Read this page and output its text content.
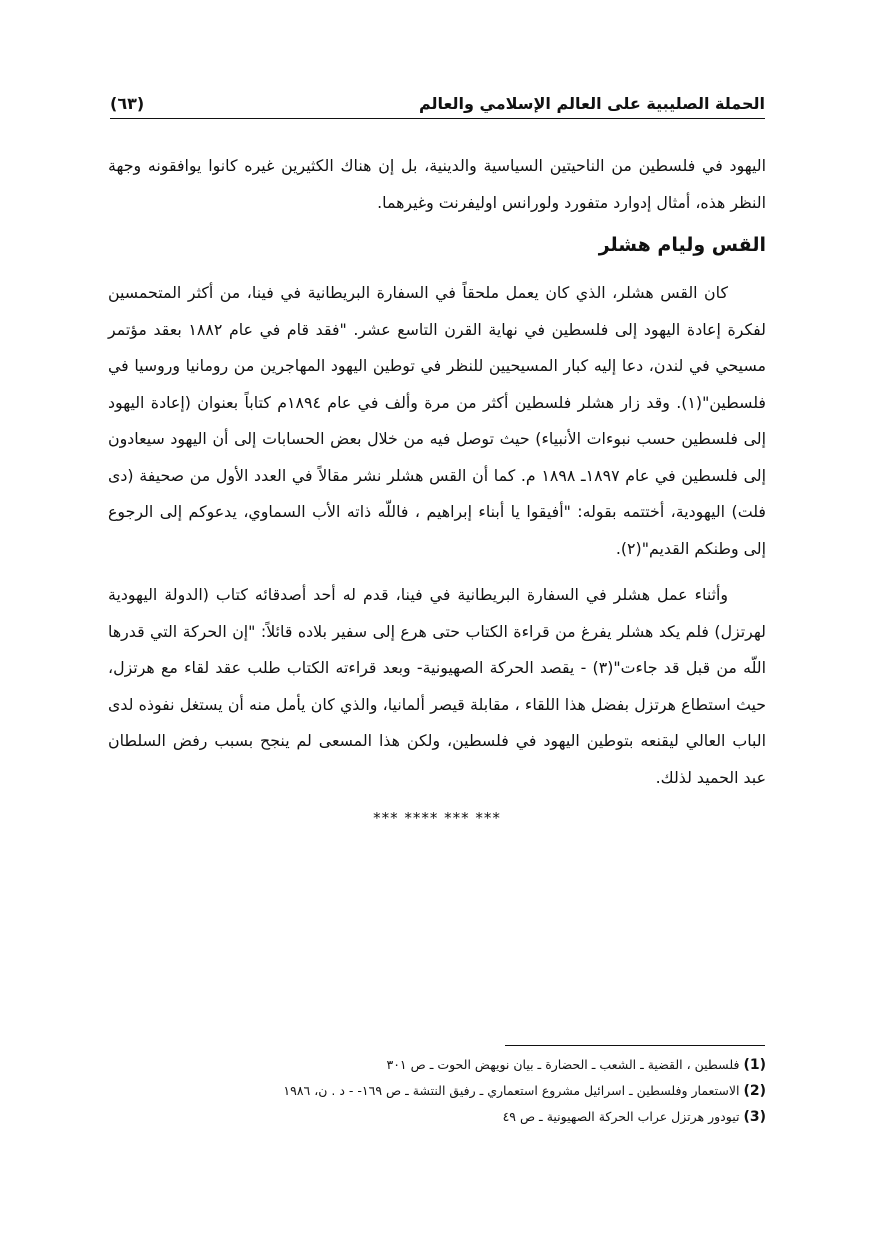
الحملة الصليبية على العالم الإسلامي والعالم
(٦٣)

اليهود في فلسطين من الناحيتين السياسية والدينية، بل إن هناك الكثيرين غيره كانوا يوافقونه وجهة النظر هذه، أمثال إدوارد متفورد ولورانس اوليفرنت وغيرهما.

القس وليام هشلر

كان القس هشلر، الذي كان يعمل ملحقاً في السفارة البريطانية في فينا، من أكثر المتحمسين لفكرة إعادة اليهود إلى فلسطين في نهاية القرن التاسع عشر. "فقد قام في عام ١٨٨٢ بعقد مؤتمر مسيحي في لندن، دعا إليه كبار المسيحيين للنظر في توطين اليهود المهاجرين من رومانيا وروسيا في فلسطين"(١). وقد زار هشلر فلسطين أكثر من مرة وألف في عام ١٨٩٤م كتاباً بعنوان (إعادة اليهود إلى فلسطين حسب نبوءات الأنبياء) حيث توصل فيه من خلال بعض الحسابات إلى أن اليهود سيعادون إلى فلسطين في عام ١٨٩٧ـ ١٨٩٨ م. كما أن القس هشلر نشر مقالاً في العدد الأول من صحيفة (دى فلت) اليهودية، أختتمه بقوله: "أفيقوا يا أبناء إبراهيم ، فاللّه ذاته الأب السماوي، يدعوكم إلى الرجوع إلى وطنكم القديم"(٢).

وأثناء عمل هشلر في السفارة البريطانية في فينا، قدم له أحد أصدقائه كتاب (الدولة اليهودية لهرتزل) فلم يكد هشلر يفرغ من قراءة الكتاب حتى هرع إلى سفير بلاده قائلاً: "إن الحركة التي قدرها اللّه من قبل قد جاءت"(٣) - يقصد الحركة الصهيونية- وبعد قراءته الكتاب طلب عقد لقاء مع هرتزل، حيث استطاع هرتزل بفضل هذا اللقاء ، مقابلة قيصر ألمانيا، والذي كان يأمل منه أن يستغل نفوذه لدى الباب العالي ليقنعه بتوطين اليهود في فلسطين، ولكن هذا المسعى لم ينجح بسبب رفض السلطان عبد الحميد لذلك.

*** **** *** ***

(1) فلسطين ، القضية ـ الشعب ـ الحضارة ـ بيان نويهض الحوت ـ ص ٣٠١
(2) الاستعمار وفلسطين ـ اسرائيل مشروع استعماري ـ رفيق النتشة ـ ص ١٦٩- - د . ن، ١٩٨٦
(3) تيودور هرتزل عراب الحركة الصهيونية ـ ص ٤٩
